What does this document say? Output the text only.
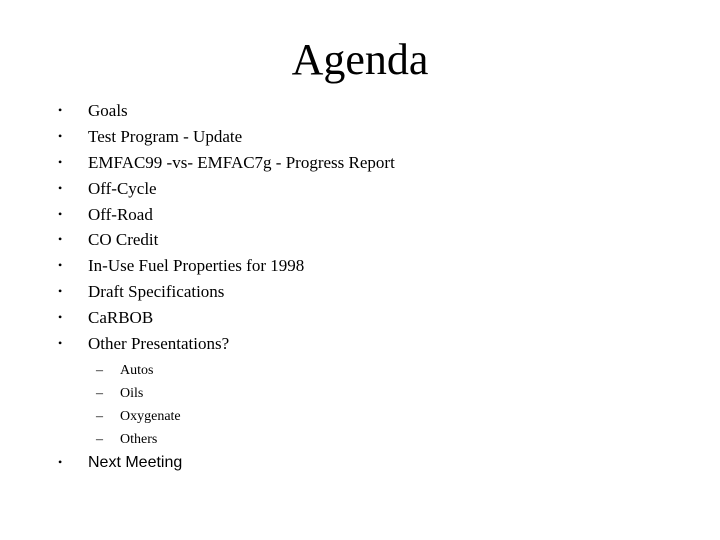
Agenda
• Goals
• Test Program - Update
• EMFAC99 -vs- EMFAC7g - Progress Report
• Off-Cycle
• Off-Road
• CO Credit
• In-Use Fuel Properties for 1998
• Draft Specifications
• CaRBOB
• Other Presentations?
– Autos
– Oils
– Oxygenate
– Others
• Next Meeting
